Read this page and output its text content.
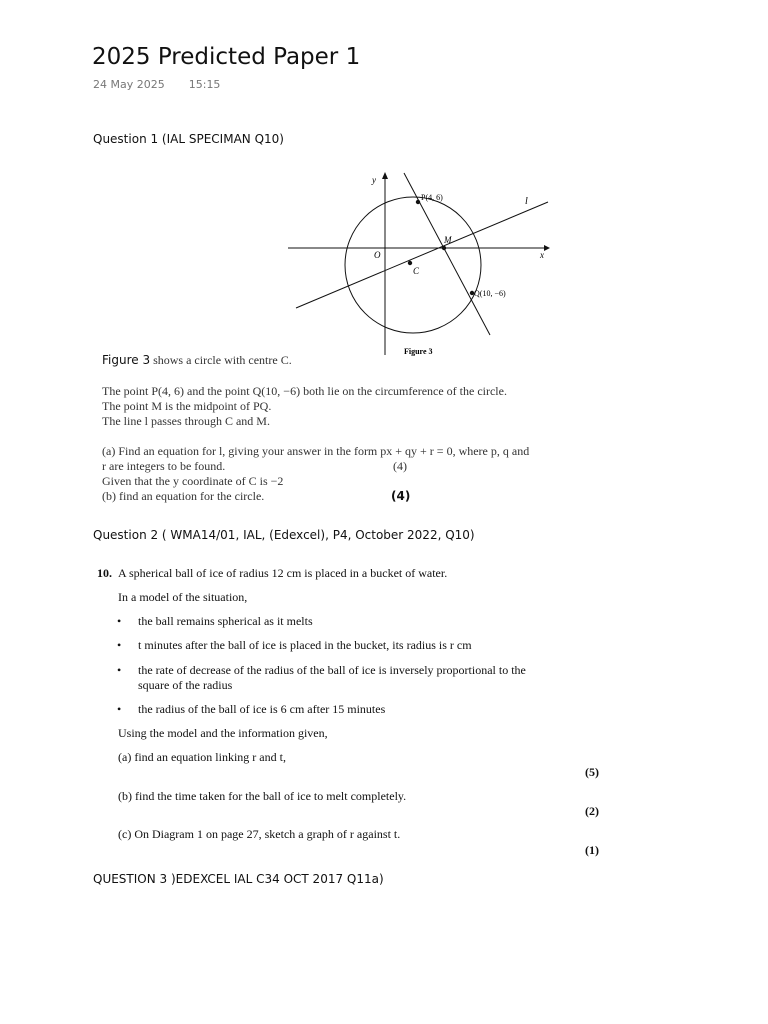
2025 Predicted Paper 1
24 May 2025 15:15
Question 1 (IAL SPECIMAN Q10)
y
x
O
C
M
l
P(4, 6)
Q(10, −6)
Figure 3
Figure 3 shows a circle with centre C.
The point P(4, 6) and the point Q(10, −6) both lie on the circumference of the circle.
The point M is the midpoint of PQ.
The line l passes through C and M.
(a) Find an equation for l, giving your answer in the form px + qy + r = 0, where p, q and
r are integers to be found.	(4)
Given that the y coordinate of C is −2
(b) find an equation for the circle.	(4)
Question 2 ( WMA14/01, IAL, (Edexcel), P4, October 2022, Q10)
10. A spherical ball of ice of radius 12 cm is placed in a bucket of water.
In a model of the situation,
• the ball remains spherical as it melts
• t minutes after the ball of ice is placed in the bucket, its radius is r cm
• the rate of decrease of the radius of the ball of ice is inversely proportional to the
square of the radius
• the radius of the ball of ice is 6 cm after 15 minutes
Using the model and the information given,
(a) find an equation linking r and t,
(5)
(b) find the time taken for the ball of ice to melt completely.
(2)
(c) On Diagram 1 on page 27, sketch a graph of r against t.
(1)
QUESTION 3 )EDEXCEL IAL C34 OCT 2017 Q11a)
